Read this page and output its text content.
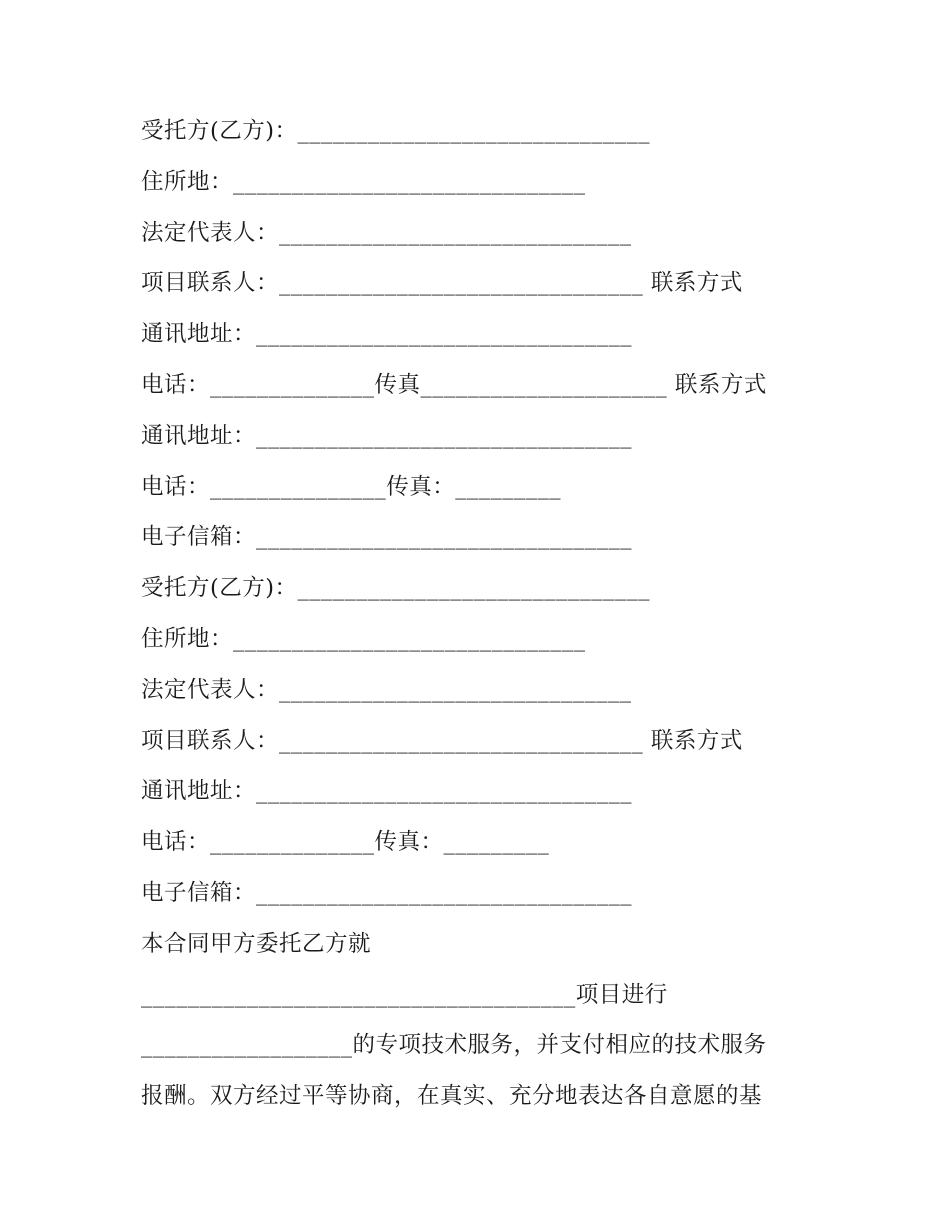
受托方(乙方)：______________________________
住所地：______________________________
法定代表人：______________________________
项目联系人：_______________________________ 联系方式
通讯地址：________________________________
电话：______________传真_____________________ 联系方式
通讯地址：________________________________
电话：_______________传真：_________
电子信箱：________________________________
受托方(乙方)：______________________________
住所地：______________________________
法定代表人：______________________________
项目联系人：_______________________________ 联系方式
通讯地址：________________________________
电话：______________传真：_________
电子信箱：________________________________
本合同甲方委托乙方就
_____________________________________项目进行
__________________的专项技术服务，并支付相应的技术服务
报酬。双方经过平等协商，在真实、充分地表达各自意愿的基
